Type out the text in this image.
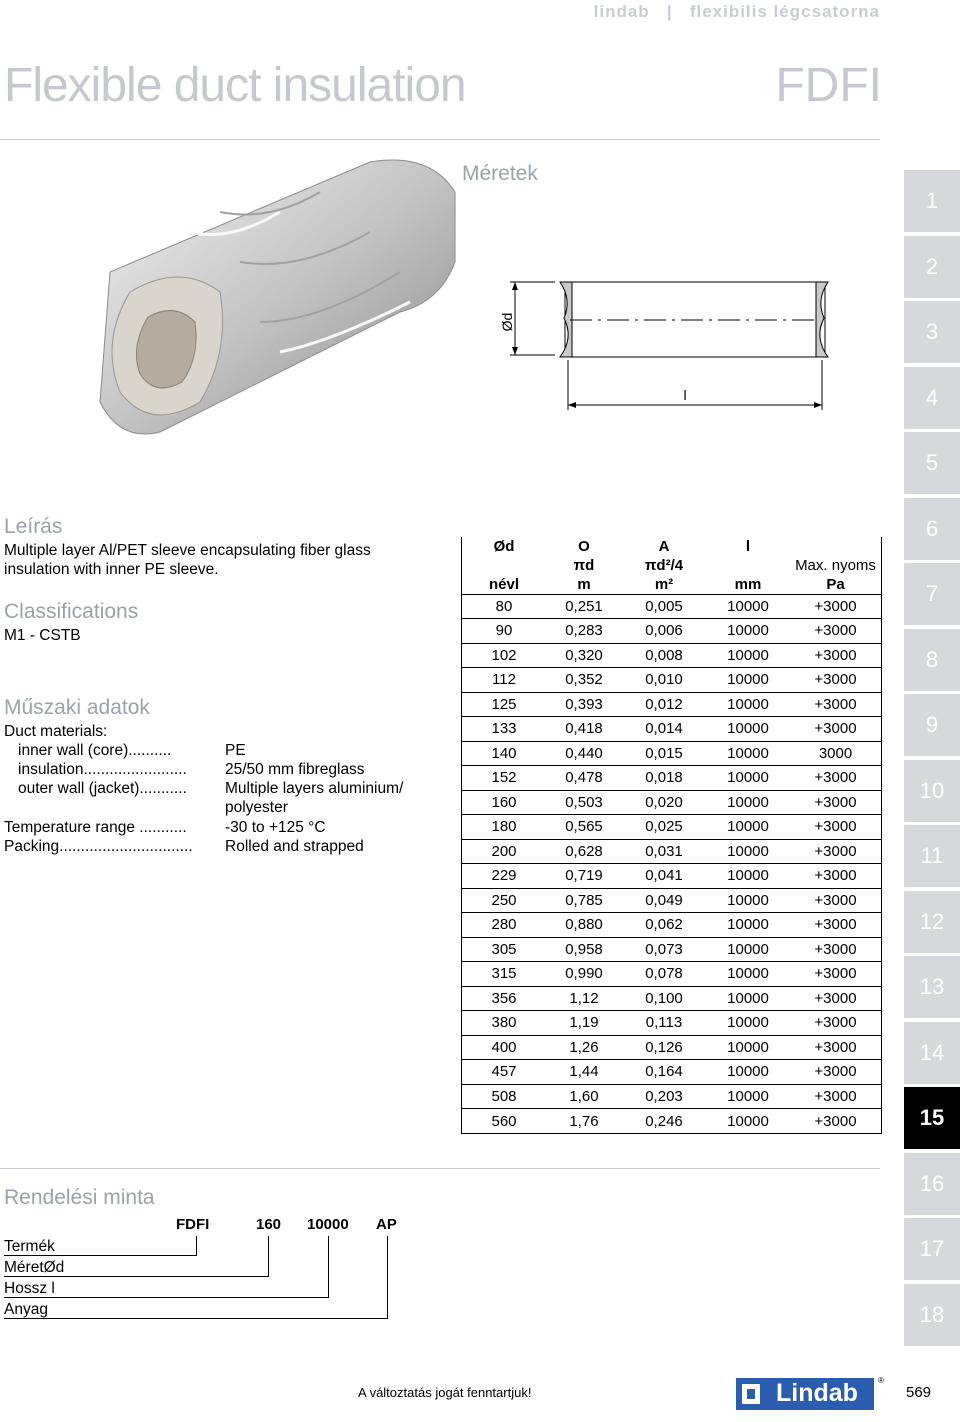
lindab | flexibilis légcsatorna
Flexible duct insulation	FDFI
Méretek
Ød
l
Leírás
Multiple layer Al/PET sleeve encapsulating fiber glass insulation with inner PE sleeve.
Classifications
M1 - CSTB
Műszaki adatok
Duct materials:
inner wall (core)..........	PE
insulation........................	25/50 mm fibreglass
outer wall (jacket)...........	Multiple layers aluminium/
polyester
Temperature range ...........	-30 to +125 °C
Packing...............................	Rolled and strapped
Ød	O	A	l	
	πd	πd²/4		Max. nyoms
névl	m	m²	mm	Pa
80	0,251	0,005	10000	+3000
90	0,283	0,006	10000	+3000
102	0,320	0,008	10000	+3000
112	0,352	0,010	10000	+3000
125	0,393	0,012	10000	+3000
133	0,418	0,014	10000	+3000
140	0,440	0,015	10000	3000
152	0,478	0,018	10000	+3000
160	0,503	0,020	10000	+3000
180	0,565	0,025	10000	+3000
200	0,628	0,031	10000	+3000
229	0,719	0,041	10000	+3000
250	0,785	0,049	10000	+3000
280	0,880	0,062	10000	+3000
305	0,958	0,073	10000	+3000
315	0,990	0,078	10000	+3000
356	1,12	0,100	10000	+3000
380	1,19	0,113	10000	+3000
400	1,26	0,126	10000	+3000
457	1,44	0,164	10000	+3000
508	1,60	0,203	10000	+3000
560	1,76	0,246	10000	+3000
Rendelési minta
FDFI	160 10000 AP
Termék
MéretØd
Hossz l
Anyag
1
2
3
4
5
6
7
8
9
10
11
12
13
14
15
16
17
18
A változtatás jogát fenntartjuk!	Lindab	®
569
